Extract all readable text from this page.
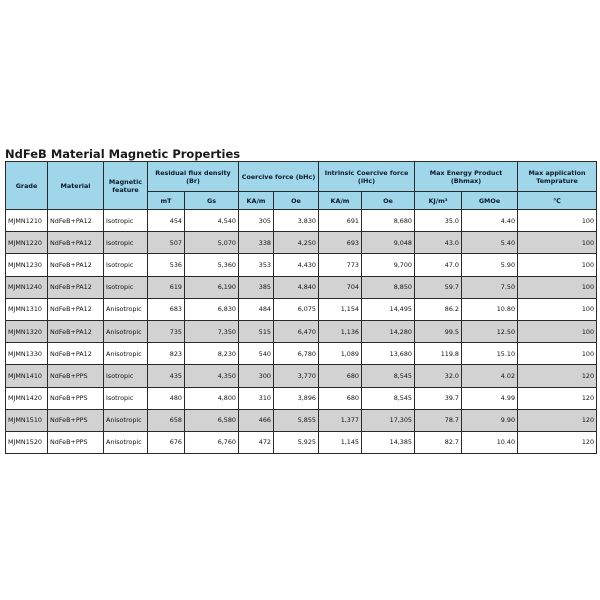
NdFeB Material Magnetic Properties
Grade	Material	Magnetic feature	Residual flux density (Br)		Coercive force (bHc)		Intrinsic Coercive force (iHc)		Max Energy Product (Bhmax)		Max application Temprature
			mT	Gs	KA/m	Oe	KA/m	Oe	KJ/m³	GMOe	℃
MJMN1210	NdFeB+PA12	Isotropic	454	4,540	305	3,830	691	8,680	35.0	4.40	100
MJMN1220	NdFeB+PA12	Isotropic	507	5,070	338	4,250	693	9,048	43.0	5.40	100
MJMN1230	NdFeB+PA12	Isotropic	536	5,360	353	4,430	773	9,700	47.0	5.90	100
MJMN1240	NdFeB+PA12	Isotropic	619	6,190	385	4,840	704	8,850	59.7	7.50	100
MJMN1310	NdFeB+PA12	Anisotropic	683	6,830	484	6,075	1,154	14,495	86.2	10.80	100
MJMN1320	NdFeB+PA12	Anisotropic	735	7,350	515	6,470	1,136	14,280	99.5	12.50	100
MJMN1330	NdFeB+PA12	Anisotropic	823	8,230	540	6,780	1,089	13,680	119.8	15.10	100
MJMN1410	NdFeB+PPS	Isotropic	435	4,350	300	3,770	680	8,545	32.0	4.02	120
MJMN1420	NdFeB+PPS	Isotropic	480	4,800	310	3,896	680	8,545	39.7	4.99	120
MJMN1510	NdFeB+PPS	Anisotropic	658	6,580	466	5,855	1,377	17,305	78.7	9.90	120
MJMN1520	NdFeB+PPS	Anisotropic	676	6,760	472	5,925	1,145	14,385	82.7	10.40	120
